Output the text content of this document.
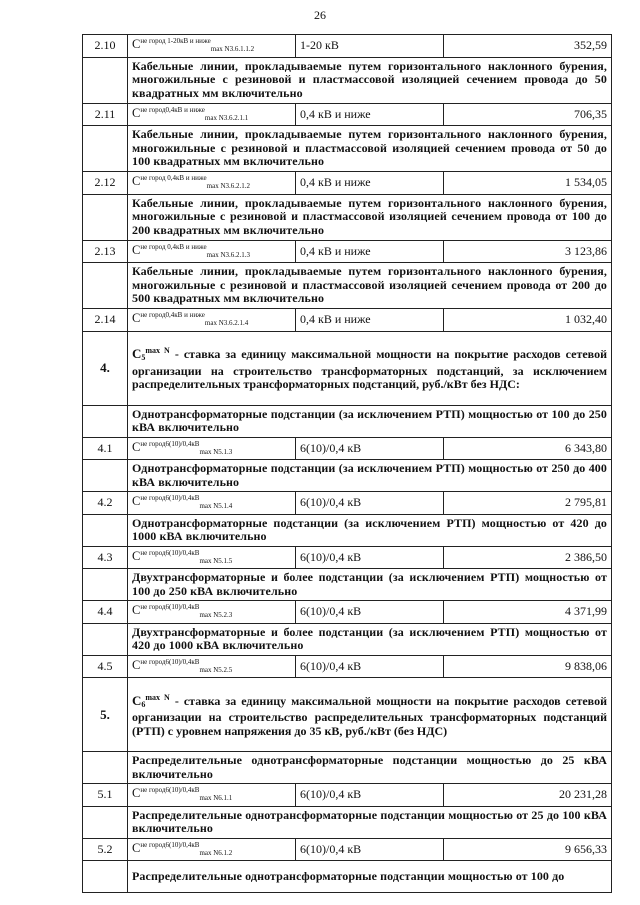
26
2.10	$C^{не город 1-20кВ и ниже}_{max N3.6.1.1.2}$	1-20 кВ	352,59
	Кабельные линии, прокладываемые путем горизонтального наклонного бурения, многожильные с резиновой и пластмассовой изоляцией сечением провода до 50 квадратных мм включительно		
2.11	$C^{не город0,4кВ и ниже}_{max N3.6.2.1.1}$	0,4 кВ и ниже	706,35
	Кабельные линии, прокладываемые путем горизонтального наклонного бурения, многожильные с резиновой и пластмассовой изоляцией сечением провода от 50 до 100 квадратных мм включительно		
2.12	$C^{не город 0,4кВ и ниже}_{max N3.6.2.1.2}$	0,4 кВ и ниже	1 534,05
	Кабельные линии, прокладываемые путем горизонтального наклонного бурения, многожильные с резиновой и пластмассовой изоляцией сечением провода от 100 до 200 квадратных мм включительно		
2.13	$C^{не город 0,4кВ и ниже}_{max N3.6.2.1.3}$	0,4 кВ и ниже	3 123,86
	Кабельные линии, прокладываемые путем горизонтального наклонного бурения, многожильные с резиновой и пластмассовой изоляцией сечением провода от 200 до 500 квадратных мм включительно		
2.14	$C^{не город0,4кВ и ниже}_{max N3.6.2.1.4}$	0,4 кВ и ниже	1 032,40
4.	$C_5^{max N}$ - ставка за единицу максимальной мощности на покрытие расходов сетевой организации на строительство трансформаторных подстанций, за исключением распределительных трансформаторных подстанций, руб./кВт без НДС:		
	Однотрансформаторные подстанции (за исключением РТП) мощностью от 100 до 250 кВА включительно		
4.1	$C^{не город6(10)/0,4кВ}_{max N5.1.3}$	6(10)/0,4 кВ	6 343,80
	Однотрансформаторные подстанции (за исключением РТП) мощностью от 250 до 400 кВА включительно		
4.2	$C^{не город6(10)/0,4кВ}_{max N5.1.4}$	6(10)/0,4 кВ	2 795,81
	Однотрансформаторные подстанции (за исключением РТП) мощностью от 420 до 1000 кВА включительно		
4.3	$C^{не город6(10)/0,4кВ}_{max N5.1.5}$	6(10)/0,4 кВ	2 386,50
	Двухтрансформаторные и более подстанции (за исключением РТП) мощностью от 100 до 250 кВА включительно		
4.4	$C^{не город6(10)/0,4кВ}_{max N5.2.3}$	6(10)/0,4 кВ	4 371,99
	Двухтрансформаторные и более подстанции (за исключением РТП) мощностью от 420 до 1000 кВА включительно		
4.5	$C^{не город6(10)/0,4кВ}_{max N5.2.5}$	6(10)/0,4 кВ	9 838,06
5.	$C_6^{max N}$ - ставка за единицу максимальной мощности на покрытие расходов сетевой организации на строительство распределительных трансформаторных подстанций (РТП) с уровнем напряжения до 35 кВ, руб./кВт (без НДС)		
	Распределительные однотрансформаторные подстанции мощностью до 25 кВА включительно		
5.1	$C^{не город6(10)/0,4кВ}_{max N6.1.1}$	6(10)/0,4 кВ	20 231,28
	Распределительные однотрансформаторные подстанции мощностью от 25 до 100 кВА включительно		
5.2	$C^{не город6(10)/0,4кВ}_{max N6.1.2}$	6(10)/0,4 кВ	9 656,33
	Распределительные однотрансформаторные подстанции мощностью от 100 до		
